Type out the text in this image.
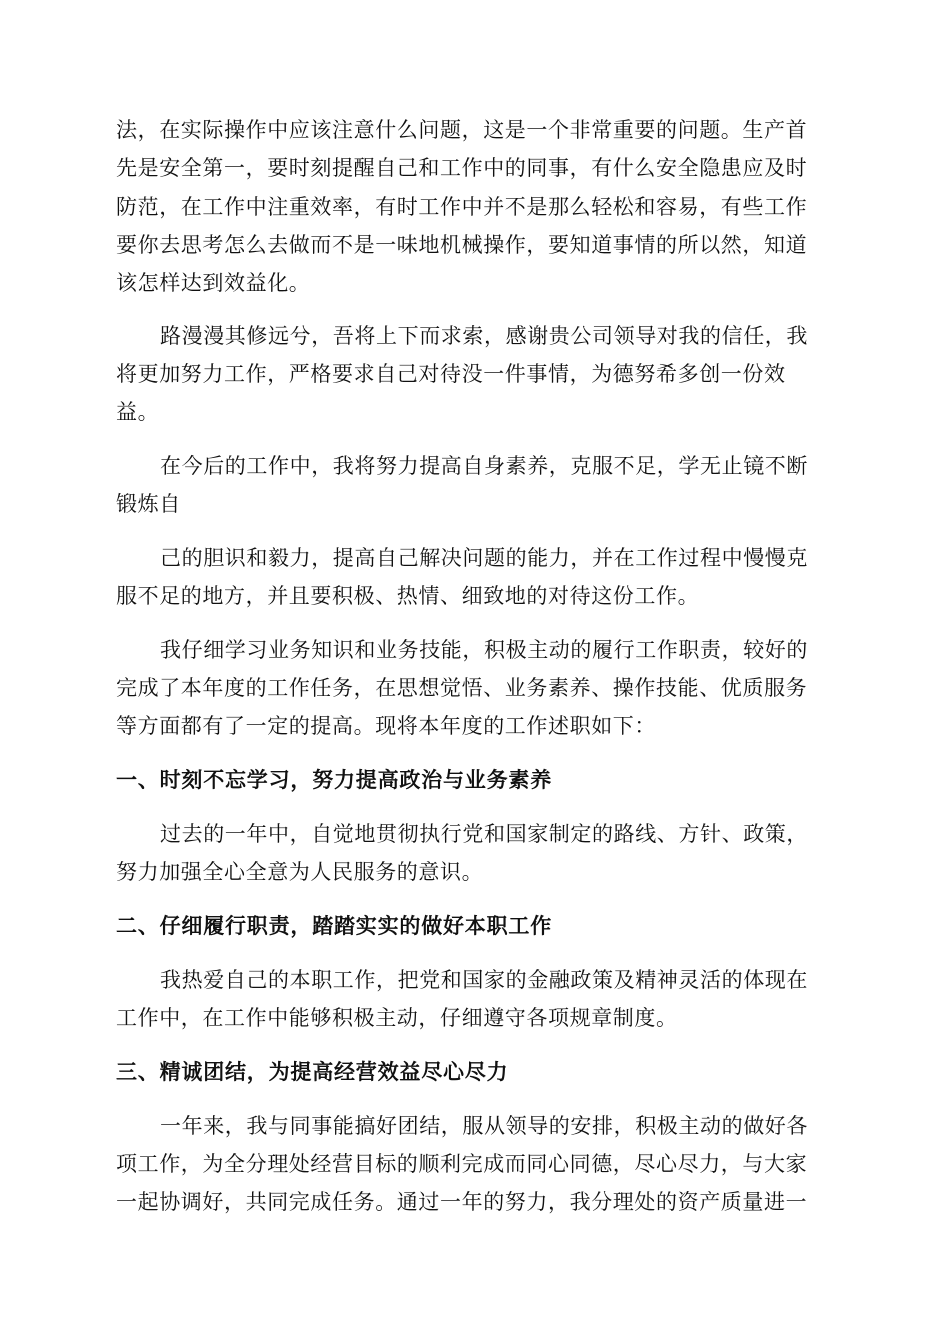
法，在实际操作中应该注意什么问题，这是一个非常重要的问题。生产首
先是安全第一，要时刻提醒自己和工作中的同事，有什么安全隐患应及时
防范，在工作中注重效率，有时工作中并不是那么轻松和容易，有些工作
要你去思考怎么去做而不是一味地机械操作，要知道事情的所以然，知道
该怎样达到效益化。
路漫漫其修远兮，吾将上下而求索，感谢贵公司领导对我的信任，我
将更加努力工作，严格要求自己对待没一件事情，为德努希多创一份效
益。
在今后的工作中，我将努力提高自身素养，克服不足，学无止镜不断
锻炼自
己的胆识和毅力，提高自己解决问题的能力，并在工作过程中慢慢克
服不足的地方，并且要积极、热情、细致地的对待这份工作。
我仔细学习业务知识和业务技能，积极主动的履行工作职责，较好的
完成了本年度的工作任务，在思想觉悟、业务素养、操作技能、优质服务
等方面都有了一定的提高。现将本年度的工作述职如下：
一、时刻不忘学习，努力提高政治与业务素养
过去的一年中，自觉地贯彻执行党和国家制定的路线、方针、政策，
努力加强全心全意为人民服务的意识。
二、仔细履行职责，踏踏实实的做好本职工作
我热爱自己的本职工作，把党和国家的金融政策及精神灵活的体现在
工作中，在工作中能够积极主动，仔细遵守各项规章制度。
三、精诚团结，为提高经营效益尽心尽力
一年来，我与同事能搞好团结，服从领导的安排，积极主动的做好各
项工作，为全分理处经营目标的顺利完成而同心同德，尽心尽力，与大家
一起协调好，共同完成任务。通过一年的努力，我分理处的资产质量进一
